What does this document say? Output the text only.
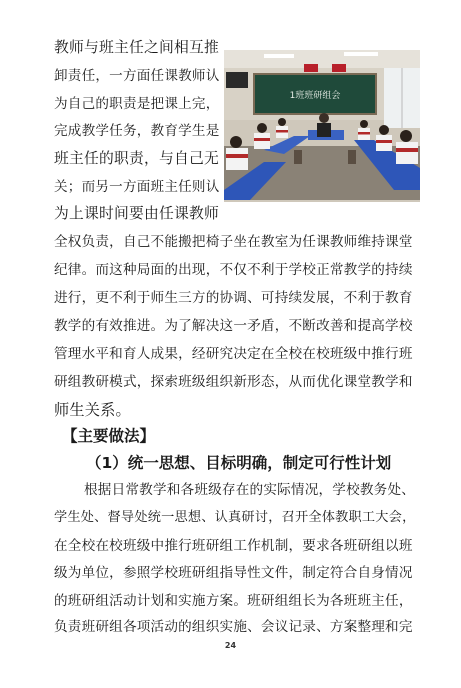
1班班研组会
教师与班主任之间相互推
卸责任，一方面任课教师认
为自己的职责是把课上完，
完成教学任务，教育学生是
班主任的职责，与自己无
关；而另一方面班主任则认
为上课时间要由任课教师
全权负责，自己不能搬把椅子坐在教室为任课教师维持课堂
纪律。而这种局面的出现，不仅不利于学校正常教学的持续
进行，更不利于师生三方的协调、可持续发展，不利于教育
教学的有效推进。为了解决这一矛盾，不断改善和提高学校
管理水平和育人成果，经研究决定在全校在校班级中推行班
研组教研模式，探索班级组织新形态，从而优化课堂教学和
师生关系。
【主要做法】
（1）统一思想、目标明确，制定可行性计划
根据日常教学和各班级存在的实际情况，学校教务处、
学生处、督导处统一思想、认真研讨，召开全体教职工大会，
在全校在校班级中推行班研组工作机制，要求各班研组以班
级为单位，参照学校班研组指导性文件，制定符合自身情况
的班研组活动计划和实施方案。班研组组长为各班班主任，
负责班研组各项活动的组织实施、会议记录、方案整理和完
24
